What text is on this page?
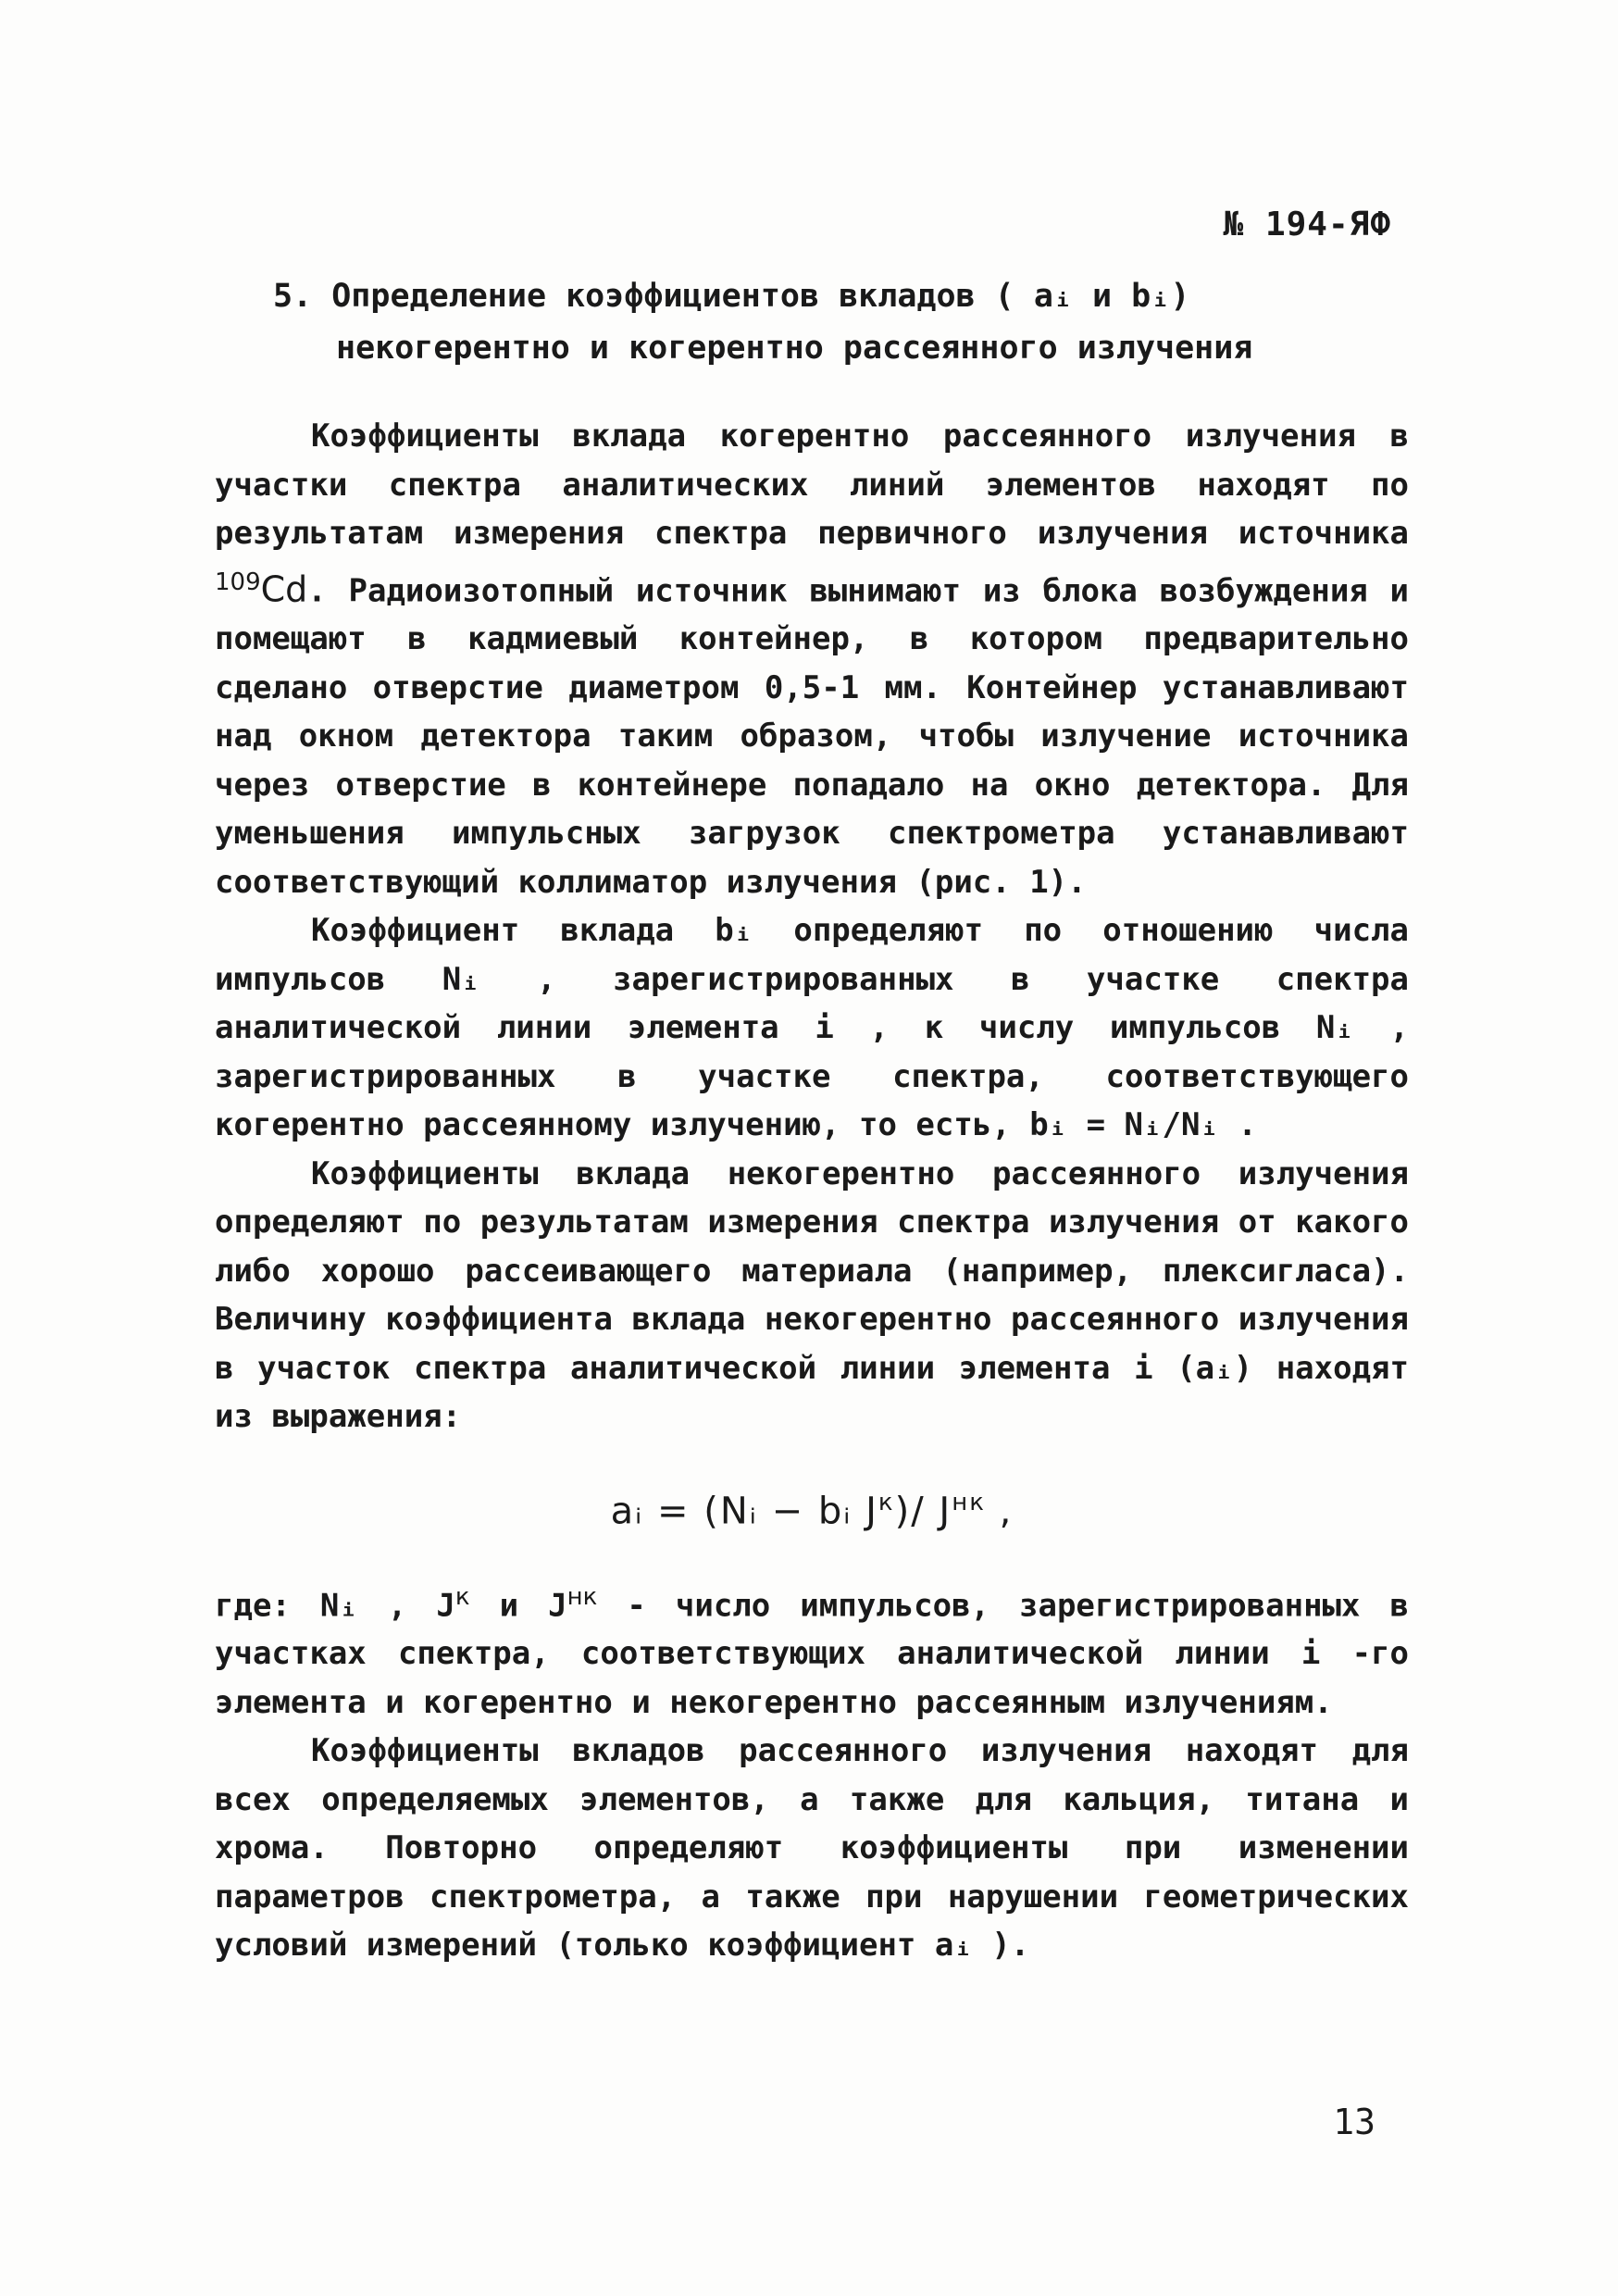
№ 194-ЯФ
5. Определение коэффициентов вкладов ( aᵢ и bᵢ)
некогерентно и когерентно рассеянного излучения

Коэффициенты вклада когерентно рассеянного излучения в участки спектра аналитических линий элементов находят по результатам измерения спектра первичного излучения источника $^{109}$Cd. Радиоизотопный источник вынимают из блока возбуждения и помещают в кадмиевый контейнер, в котором предварительно сделано отверстие диаметром 0,5-1 мм. Контейнер устанавливают над окном детектора таким образом, чтобы излучение источника через отверстие в контейнере попадало на окно детектора. Для уменьшения импульсных загрузок спектрометра устанавливают соответствующий коллиматор излучения (рис. 1).

Коэффициент вклада bᵢ определяют по отношению числа импульсов Nᵢ , зарегистрированных в участке спектра аналитической линии элемента i , к числу импульсов Nᵢ , зарегистрированных в участке спектра, соответствующего когерентно рассеянному излучению, то есть, bᵢ = Nᵢ/Nᵢ .

Коэффициенты вклада некогерентно рассеянного излучения определяют по результатам измерения спектра излучения от какого либо хорошо рассеивающего материала (например, плексигласа). Величину коэффициента вклада некогерентно рассеянного излучения в участок спектра аналитической линии элемента i (aᵢ) находят из выражения:

aᵢ = (Nᵢ − bᵢ $J^к)/$ $J^{нк}$ ,

где: Nᵢ , $J^к$ и $J^{нк}$ - число импульсов, зарегистрированных в участках спектра, соответствующих аналитической линии i -го элемента и когерентно и некогерентно рассеянным излучениям.

Коэффициенты вкладов рассеянного излучения находят для всех определяемых элементов, а также для кальция, титана и хрома. Повторно определяют коэффициенты при изменении параметров спектрометра, а также при нарушении геометрических условий измерений (только коэффициент aᵢ ).

13
